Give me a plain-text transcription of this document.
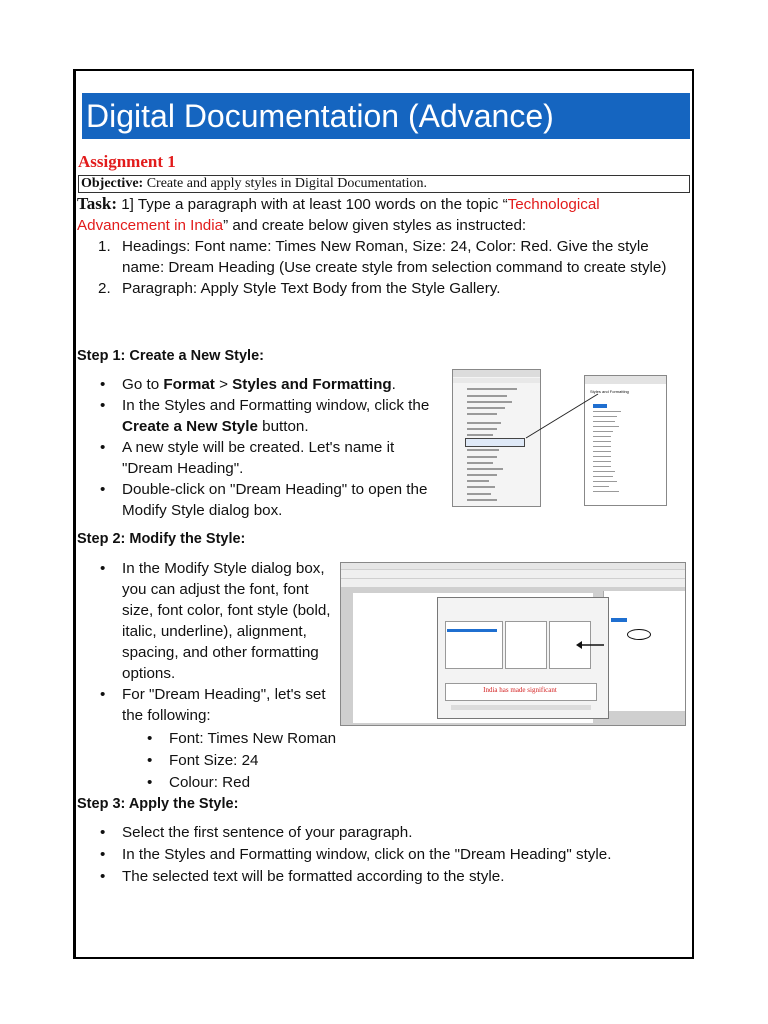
Digital Documentation (Advance)
Assignment 1
Objective: Create and apply styles in Digital Documentation.
Task: 1] Type a paragraph with at least 100 words on the topic “Technological Advancement in India” and create below given styles as instructed:
1. Headings: Font name: Times New Roman, Size: 24, Color: Red. Give the style name: Dream Heading (Use create style from selection command to create style)
2. Paragraph: Apply Style Text Body from the Style Gallery.
Step 1: Create a New Style:
•	Go to Format > Styles and Formatting.
•	In the Styles and Formatting window, click the Create a New Style button.
•	A new style will be created. Let's name it "Dream Heading".
•	Double-click on "Dream Heading" to open the Modify Style dialog box.
Styles and Formatting
Step 2: Modify the Style:
•	In the Modify Style dialog box, you can adjust the font, font size, font color, font style (bold, italic, underline), alignment, spacing, and other formatting options.
•	For "Dream Heading", let's set the following:
•	Font: Times New Roman
•	Font Size: 24
•	Colour: Red
India has made significant
Step 3: Apply the Style:
•	Select the first sentence of your paragraph.
•	In the Styles and Formatting window, click on the "Dream Heading" style.
•	The selected text will be formatted according to the style.
